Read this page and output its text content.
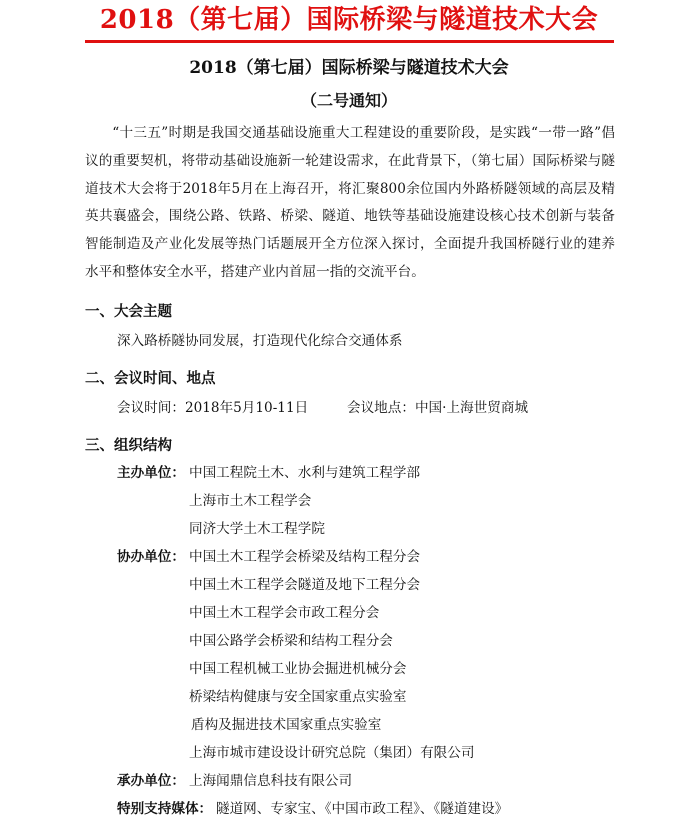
2018（第七届）国际桥梁与隧道技术大会
2018（第七届）国际桥梁与隧道技术大会
（二号通知）

“十三五”时期是我国交通基础设施重大工程建设的重要阶段，是实践“一带一路”倡议的重要契机，将带动基础设施新一轮建设需求，在此背景下，（第七届）国际桥梁与隧道技术大会将于2018年5月在上海召开，将汇聚800余位国内外路桥隧领域的高层及精英共襄盛会，围绕公路、铁路、桥梁、隧道、地铁等基础设施建设核心技术创新与装备智能制造及产业化发展等热门话题展开全方位深入探讨，全面提升我国桥隧行业的建养水平和整体安全水平，搭建产业内首屈一指的交流平台。

一、大会主题
深入路桥隧协同发展，打造现代化综合交通体系
二、会议时间、地点
会议时间：2018年5月10-11日	会议地点：中国·上海世贸商城
三、组织结构
主办单位： 中国工程院土木、水利与建筑工程学部
上海市土木工程学会
同济大学土木工程学院
协办单位： 中国土木工程学会桥梁及结构工程分会
中国土木工程学会隧道及地下工程分会
中国土木工程学会市政工程分会
中国公路学会桥梁和结构工程分会
中国工程机械工业协会掘进机械分会
桥梁结构健康与安全国家重点实验室
盾构及掘进技术国家重点实验室
上海市城市建设设计研究总院（集团）有限公司
承办单位： 上海闻鼎信息科技有限公司
特别支持媒体： 隧道网、专家宝、《中国市政工程》、《隧道建设》
